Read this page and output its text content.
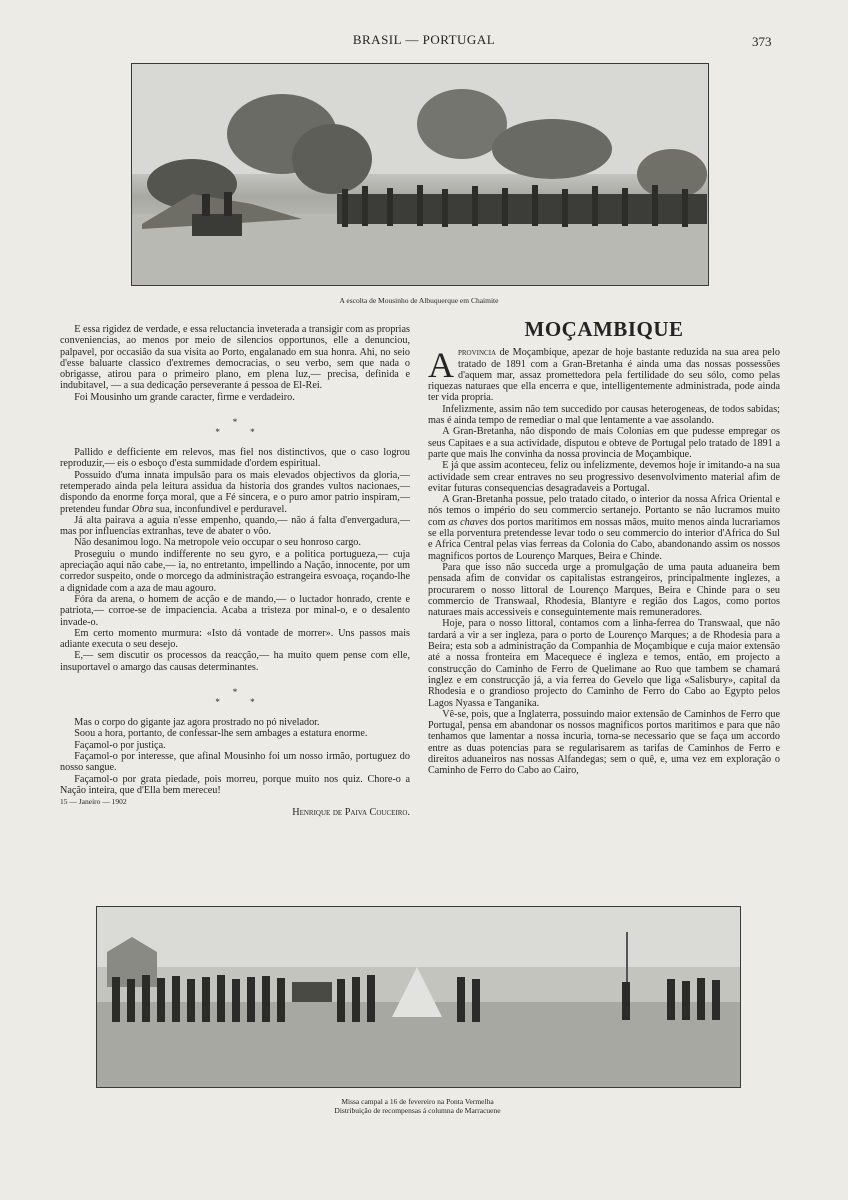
BRASIL — PORTUGAL	373
A escolta de Mousinho de Albuquerque em Chaimite

E essa rigidez de verdade, e essa reluctancia inveterada a transigir com as proprias conveniencias, ao menos por meio de silencios opportunos, elle a denunciou, palpavel, por occasião da sua visita ao Porto, engalanado em sua honra. Ahi, no seio d'esse baluarte classico d'extremes democracias, o seu verbo, sem que nada o obrigasse, atirou para o primeiro plano, em plena luz,— precisa, definida e indubitavel, — a sua dedicação perseverante á pessoa de El-Rei.

Foi Mousinho um grande caracter, firme e verdadeiro.

*
* *

Pallido e defficiente em relevos, mas fiel nos distinctivos, que o caso logrou reproduzir,— eis o esboço d'esta summidade d'ordem espiritual.

Possuido d'uma innata impulsão para os mais elevados objectivos da gloria,— retemperado ainda pela leitura assidua da historia dos grandes vultos nacionaes,— dispondo da enorme força moral, que a Fé sincera, e o puro amor patrio inspiram,— pretendeu fundar Obra sua, inconfundivel e perduravel.

Já alta pairava a aguia n'esse empenho, quando,— não á falta d'envergadura,— mas por influencias extranhas, teve de abater o vôo.

Não desanimou logo. Na metropole veio occupar o seu honroso cargo.

Proseguiu o mundo indifferente no seu gyro, e a politica portugueza,— cuja apreciação aqui não cabe,— ia, no entretanto, impellindo a Nação, innocente, por um corredor suspeito, onde o morcego da administração estrangeira esvoaça, roçando-lhe a dignidade com a aza de mau agouro.

Fóra da arena, o homem de acção e de mando,— o luctador honrado, crente e patriota,— corroe-se de impaciencia. Acaba a tristeza por minal-o, e o desalento invade-o.

Em certo momento murmura: «Isto dá vontade de morrer». Uns passos mais adiante executa o seu desejo.

E,— sem discutir os processos da reacção,— ha muito quem pense com elle, insuportavel o amargo das causas determinantes.

*
* *

Mas o corpo do gigante jaz agora prostrado no pó nivelador.

Soou a hora, portanto, de confessar-lhe sem ambages a estatura enorme.

Façamol-o por justiça.

Façamol-o por interesse, que afinal Mousinho foi um nosso irmão, portuguez do nosso sangue.

Façamol-o por grata piedade, pois morreu, porque muito nos quiz. Chore-o a Nação inteira, que d'Ella bem mereceu!

15 — Janeiro — 1902

Henrique de Paiva Couceiro.

MOÇAMBIQUE

Aprovincia de Moçambique, apezar de hoje bastante reduzida na sua area pelo tratado de 1891 com a Gran-Bretanha é ainda uma das nossas possessões d'aquem mar, assaz promettedora pela fertilidade do seu sólo, como pelas riquezas naturaes que ella encerra e que, intelligentemente administrada, pode ainda ter vida propria.

Infelizmente, assim não tem succedido por causas heterogeneas, de todos sabidas; mas é ainda tempo de remediar o mal que lentamente a vae assolando.

A Gran-Bretanha, não dispondo de mais Colonias em que pudesse empregar os seus Capitaes e a sua actividade, disputou e obteve de Portugal pelo tratado de 1891 a parte que mais lhe convinha da nossa provincia de Moçambique.

E já que assim aconteceu, feliz ou infelizmente, devemos hoje ir imitando-a na sua actividade sem crear entraves no seu progressivo desenvolvimento material afim de evitar futuras consequencias desagradaveis a Portugal.

A Gran-Bretanha possue, pelo tratado citado, o interior da nossa Africa Oriental e nós temos o império do seu commercio sertanejo. Portanto se não lucramos muito com as chaves dos portos maritimos em nossas mãos, muito menos ainda lucrariamos se ella porventura pretendesse levar todo o seu commercio do interior d'Africa do Sul e Africa Central pelas vias ferreas da Colonia do Cabo, abandonando assim os nossos magnificos portos de Lourenço Marques, Beira e Chinde.

Para que isso não succeda urge a promulgação de uma pauta aduaneira bem pensada afim de convidar os capitalistas estrangeiros, principalmente inglezes, a procurarem o nosso littoral de Lourenço Marques, Beira e Chinde para o seu commercio de Transwaal, Rhodesia, Blantyre e região dos Lagos, como portos naturaes mais accessiveis e conseguintemente mais remuneradores.

Hoje, para o nosso littoral, contamos com a linha-ferrea do Transwaal, que não tardará a vir a ser ingleza, para o porto de Lourenço Marques; a de Rhodesia para a Beira; esta sob a administração da Companhia de Moçambique e cuja maior extensão até a nossa fronteira em Macequece é ingleza e temos, então, em projecto a construcção do Caminho de Ferro de Quelimane ao Ruo que tambem se chamará inglez e em construcção já, a via ferrea do Gevelo que liga «Salisbury», capital da Rhodesia e o grandioso projecto do Caminho de Ferro do Cabo ao Egypto pelos Lagos Nyassa e Tanganika.

Vê-se, pois, que a Inglaterra, possuindo maior extensão de Caminhos de Ferro que Portugal, pensa em abandonar os nossos magnificos portos maritimos e para que não tenhamos que lamentar a nossa incuria, torna-se necessario que se faça um accordo entre as duas potencias para se regularisarem as tarifas de Caminhos de Ferro e direitos aduaneiros nas nossas Alfandegas; sem o quê, e, uma vez em exploração o Caminho de Ferro do Cabo ao Cairo,

Missa campal a 16 de fevereiro na Ponta Vermelha
Distribuição de recompensas á columna de Marracuene
